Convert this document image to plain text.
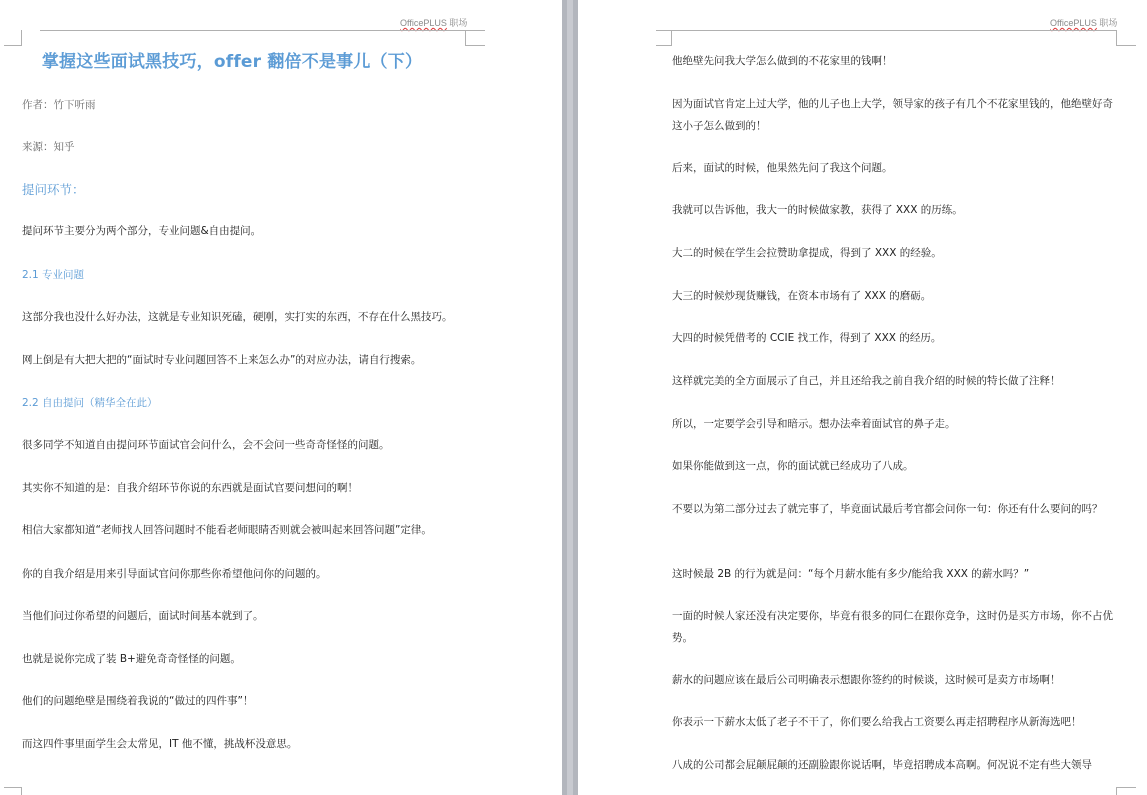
OfficePLUS 职场
掌握这些面试黑技巧，offer 翻倍不是事儿（下）
作者：竹下听雨
来源：知乎
提问环节：
提问环节主要分为两个部分，专业问题&自由提问。
2.1 专业问题
这部分我也没什么好办法，这就是专业知识死磕，硬刚，实打实的东西，不存在什么黑技巧。
网上倒是有大把大把的“面试时专业问题回答不上来怎么办”的对应办法，请自行搜索。
2.2 自由提问（精华全在此）
很多同学不知道自由提问环节面试官会问什么，会不会问一些奇奇怪怪的问题。
其实你不知道的是：自我介绍环节你说的东西就是面试官要问想问的啊！
相信大家都知道“老师找人回答问题时不能看老师眼睛否则就会被叫起来回答问题”定律。
你的自我介绍是用来引导面试官问你那些你希望他问你的问题的。
当他们问过你希望的问题后，面试时间基本就到了。
也就是说你完成了装 B+避免奇奇怪怪的问题。
他们的问题绝壁是围绕着我说的“做过的四件事”！
而这四件事里面学生会太常见，IT 他不懂，挑战杯没意思。
OfficePLUS 职场
他绝壁先问我大学怎么做到的不花家里的钱啊！
因为面试官肯定上过大学，他的儿子也上大学，领导家的孩子有几个不花家里钱的，他绝壁好奇这小子怎么做到的！
后来，面试的时候，他果然先问了我这个问题。
我就可以告诉他，我大一的时候做家教，获得了 XXX 的历练。
大二的时候在学生会拉赞助拿提成，得到了 XXX 的经验。
大三的时候炒现货赚钱，在资本市场有了 XXX 的磨砺。
大四的时候凭借考的 CCIE 找工作，得到了 XXX 的经历。
这样就完美的全方面展示了自己，并且还给我之前自我介绍的时候的特长做了注释！
所以，一定要学会引导和暗示。想办法牵着面试官的鼻子走。
如果你能做到这一点，你的面试就已经成功了八成。
不要以为第二部分过去了就完事了，毕竟面试最后考官都会问你一句：你还有什么要问的吗？
这时候最 2B 的行为就是问：“每个月薪水能有多少/能给我 XXX 的薪水吗？”
一面的时候人家还没有决定要你，毕竟有很多的同仁在跟你竞争，这时仍是买方市场，你不占优势。
薪水的问题应该在最后公司明确表示想跟你签约的时候谈，这时候可是卖方市场啊！
你表示一下薪水太低了老子不干了，你们要么给我占工资要么再走招聘程序从新海选吧！
八成的公司都会屁颠屁颠的还副脸跟你说话啊，毕竟招聘成本高啊。何况说不定有些大领导
